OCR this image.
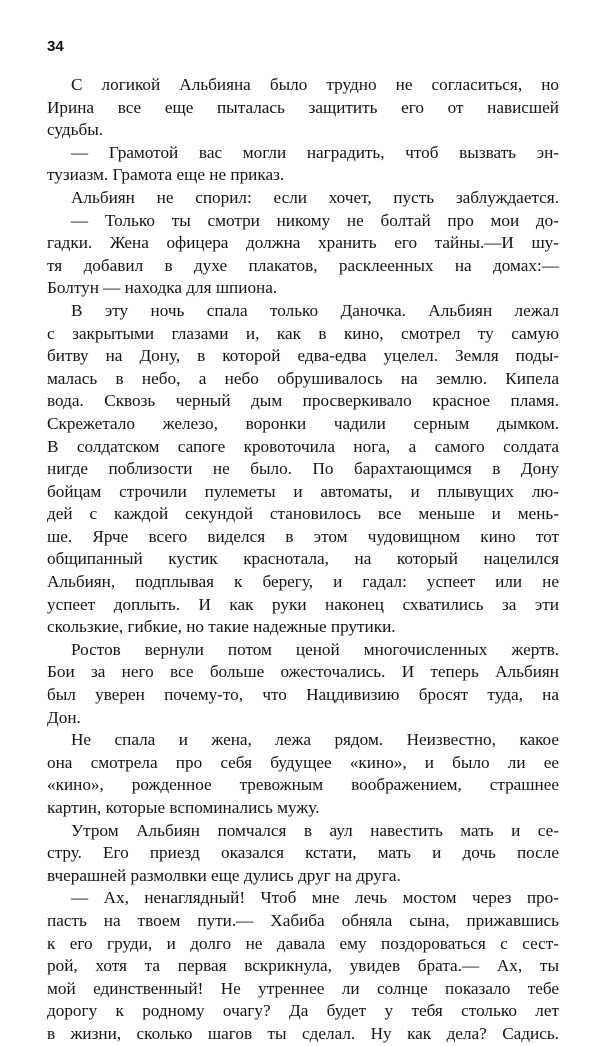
34
С логикой Альбияна было трудно не согласиться, но
Ирина все еще пыталась защитить его от нависшей
судьбы.
— Грамотой вас могли наградить, чтоб вызвать эн-
тузиазм. Грамота еще не приказ.
Альбиян не спорил: если хочет, пусть заблуждается.
— Только ты смотри никому не болтай про мои до-
гадки. Жена офицера должна хранить его тайны.—И шу-
тя добавил в духе плакатов, расклеенных на домах:—
Болтун — находка для шпиона.
В эту ночь спала только Даночка. Альбиян лежал
с закрытыми глазами и, как в кино, смотрел ту самую
битву на Дону, в которой едва-едва уцелел. Земля поды-
малась в небо, а небо обрушивалось на землю. Кипела
вода. Сквозь черный дым просверкивало красное пламя.
Скрежетало железо, воронки чадили серным дымком.
В солдатском сапоге кровоточила нога, а самого солдата
нигде поблизости не было. По барахтающимся в Дону
бойцам строчили пулеметы и автоматы, и плывущих лю-
дей с каждой секундой становилось все меньше и мень-
ше. Ярче всего виделся в этом чудовищном кино тот
общипанный кустик краснотала, на который нацелился
Альбиян, подплывая к берегу, и гадал: успеет или не
успеет доплыть. И как руки наконец схватились за эти
скользкие, гибкие, но такие надежные прутики.
Ростов вернули потом ценой многочисленных жертв.
Бои за него все больше ожесточались. И теперь Альбиян
был уверен почему-то, что Нацдивизию бросят туда, на
Дон.
Не спала и жена, лежа рядом. Неизвестно, какое
она смотрела про себя будущее «кино», и было ли ее
«кино», рожденное тревожным воображением, страшнее
картин, которые вспоминались мужу.
Утром Альбиян помчался в аул навестить мать и се-
стру. Его приезд оказался кстати, мать и дочь после
вчерашней размолвки еще дулись друг на друга.
— Ах, ненаглядный! Чтоб мне лечь мостом через про-
пасть на твоем пути.— Хабиба обняла сына, прижавшись
к его груди, и долго не давала ему поздороваться с сест-
рой, хотя та первая вскрикнула, увидев брата.— Ах, ты
мой единственный! Не утреннее ли солнце показало тебе
дорогу к родному очагу? Да будет у тебя столько лет
в жизни, сколько шагов ты сделал. Ну как дела? Садись.
